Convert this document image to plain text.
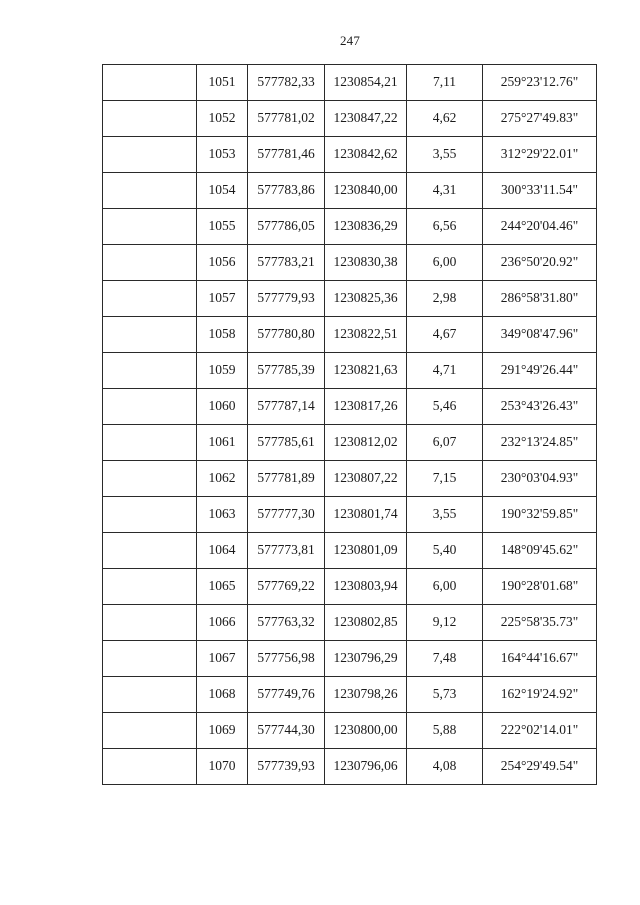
247
	1051	577782,33	1230854,21	7,11	259°23'12.76"
	1052	577781,02	1230847,22	4,62	275°27'49.83"
	1053	577781,46	1230842,62	3,55	312°29'22.01"
	1054	577783,86	1230840,00	4,31	300°33'11.54"
	1055	577786,05	1230836,29	6,56	244°20'04.46"
	1056	577783,21	1230830,38	6,00	236°50'20.92"
	1057	577779,93	1230825,36	2,98	286°58'31.80"
	1058	577780,80	1230822,51	4,67	349°08'47.96"
	1059	577785,39	1230821,63	4,71	291°49'26.44"
	1060	577787,14	1230817,26	5,46	253°43'26.43"
	1061	577785,61	1230812,02	6,07	232°13'24.85"
	1062	577781,89	1230807,22	7,15	230°03'04.93"
	1063	577777,30	1230801,74	3,55	190°32'59.85"
	1064	577773,81	1230801,09	5,40	148°09'45.62"
	1065	577769,22	1230803,94	6,00	190°28'01.68"
	1066	577763,32	1230802,85	9,12	225°58'35.73"
	1067	577756,98	1230796,29	7,48	164°44'16.67"
	1068	577749,76	1230798,26	5,73	162°19'24.92"
	1069	577744,30	1230800,00	5,88	222°02'14.01"
	1070	577739,93	1230796,06	4,08	254°29'49.54"
